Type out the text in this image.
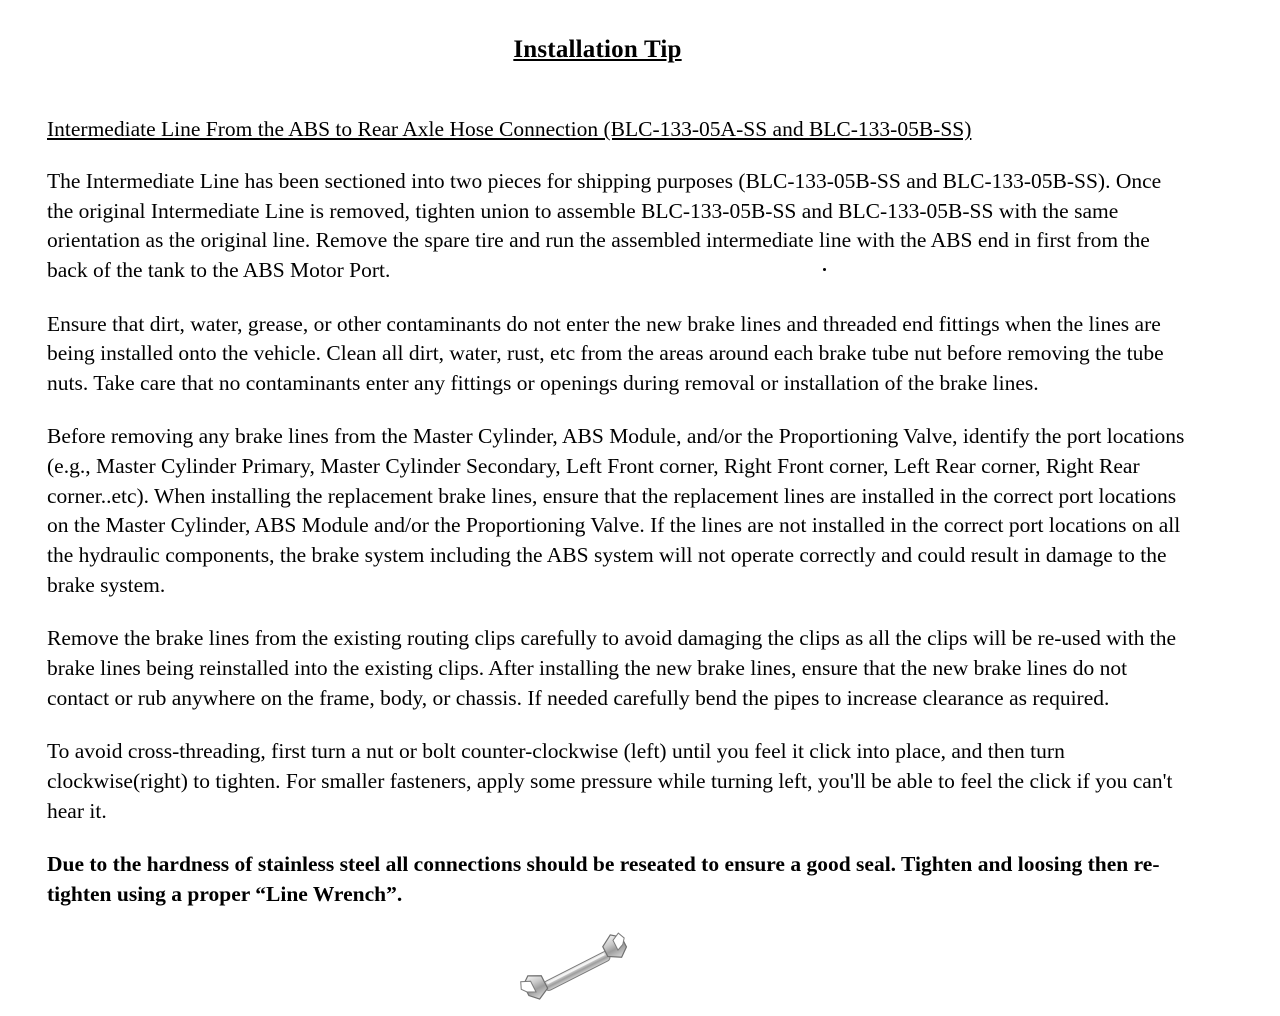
Installation Tip
Intermediate Line From the ABS to Rear Axle Hose Connection (BLC-133-05A-SS and BLC-133-05B-SS)

The Intermediate Line has been sectioned into two pieces for shipping purposes (BLC-133-05B-SS and BLC-133-05B-SS). Once the original Intermediate Line is removed, tighten union to assemble BLC-133-05B-SS and BLC-133-05B-SS with the same orientation as the original line. Remove the spare tire and run the assembled intermediate line with the ABS end in first from the back of the tank to the ABS Motor Port.

Ensure that dirt, water, grease, or other contaminants do not enter the new brake lines and threaded end fittings when the lines are being installed onto the vehicle. Clean all dirt, water, rust, etc from the areas around each brake tube nut before removing the tube nuts. Take care that no contaminants enter any fittings or openings during removal or installation of the brake lines.

Before removing any brake lines from the Master Cylinder, ABS Module, and/or the Proportioning Valve, identify the port locations (e.g., Master Cylinder Primary, Master Cylinder Secondary, Left Front corner, Right Front corner, Left Rear corner, Right Rear corner..etc). When installing the replacement brake lines, ensure that the replacement lines are installed in the correct port locations on the Master Cylinder, ABS Module and/or the Proportioning Valve. If the lines are not installed in the correct port locations on all the hydraulic components, the brake system including the ABS system will not operate correctly and could result in damage to the brake system.

Remove the brake lines from the existing routing clips carefully to avoid damaging the clips as all the clips will be re-used with the brake lines being reinstalled into the existing clips. After installing the new brake lines, ensure that the new brake lines do not contact or rub anywhere on the frame, body, or chassis. If needed carefully bend the pipes to increase clearance as required.

To avoid cross-threading, first turn a nut or bolt counter-clockwise (left) until you feel it click into place, and then turn clockwise(right) to tighten. For smaller fasteners, apply some pressure while turning left, you'll be able to feel the click if you can't hear it.

Due to the hardness of stainless steel all connections should be reseated to ensure a good seal. Tighten and loosing then re-tighten using a proper “Line Wrench”.
